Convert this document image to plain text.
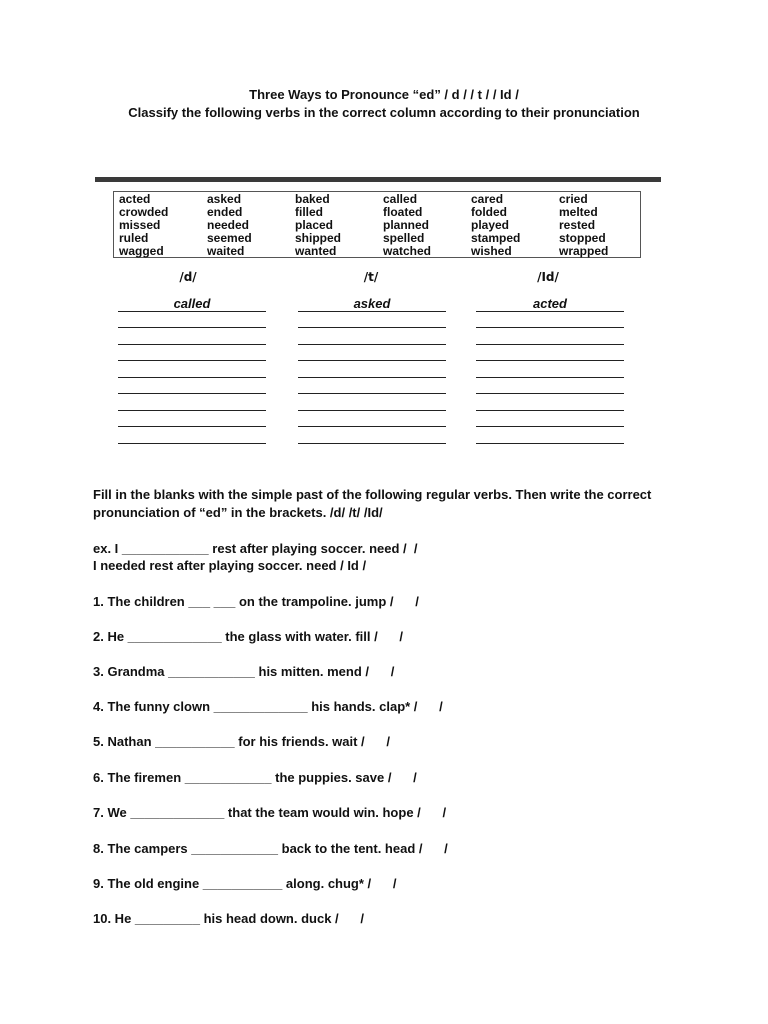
Three Ways to Pronounce “ed” / d / / t / / Id /
Classify the following verbs in the correct column according to their pronunciation
acted	asked	baked	called	cared	cried
crowded	ended	filled	floated	folded	melted
missed	needed	placed	planned	played	rested
ruled	seemed	shipped	spelled	stamped	stopped
wagged	waited	wanted	watched	wished	wrapped
/d/	/t/	/Id/
called	asked	acted
Fill in the blanks with the simple past of the following regular verbs. Then write the correct pronunciation of “ed” in the brackets. /d/ /t/ /Id/
ex. I ____________ rest after playing soccer. need /  /
I needed rest after playing soccer. need / Id /
1. The children ___ ___ on the trampoline. jump /      /
2. He _____________ the glass with water. fill /      /
3. Grandma ____________ his mitten. mend /      /
4. The funny clown _____________ his hands. clap* /      /
5. Nathan ___________ for his friends. wait /      /
6. The firemen ____________ the puppies. save /      /
7. We _____________ that the team would win. hope /      /
8. The campers ____________ back to the tent. head /      /
9. The old engine ___________ along. chug* /      /
10. He _________ his head down. duck /      /
